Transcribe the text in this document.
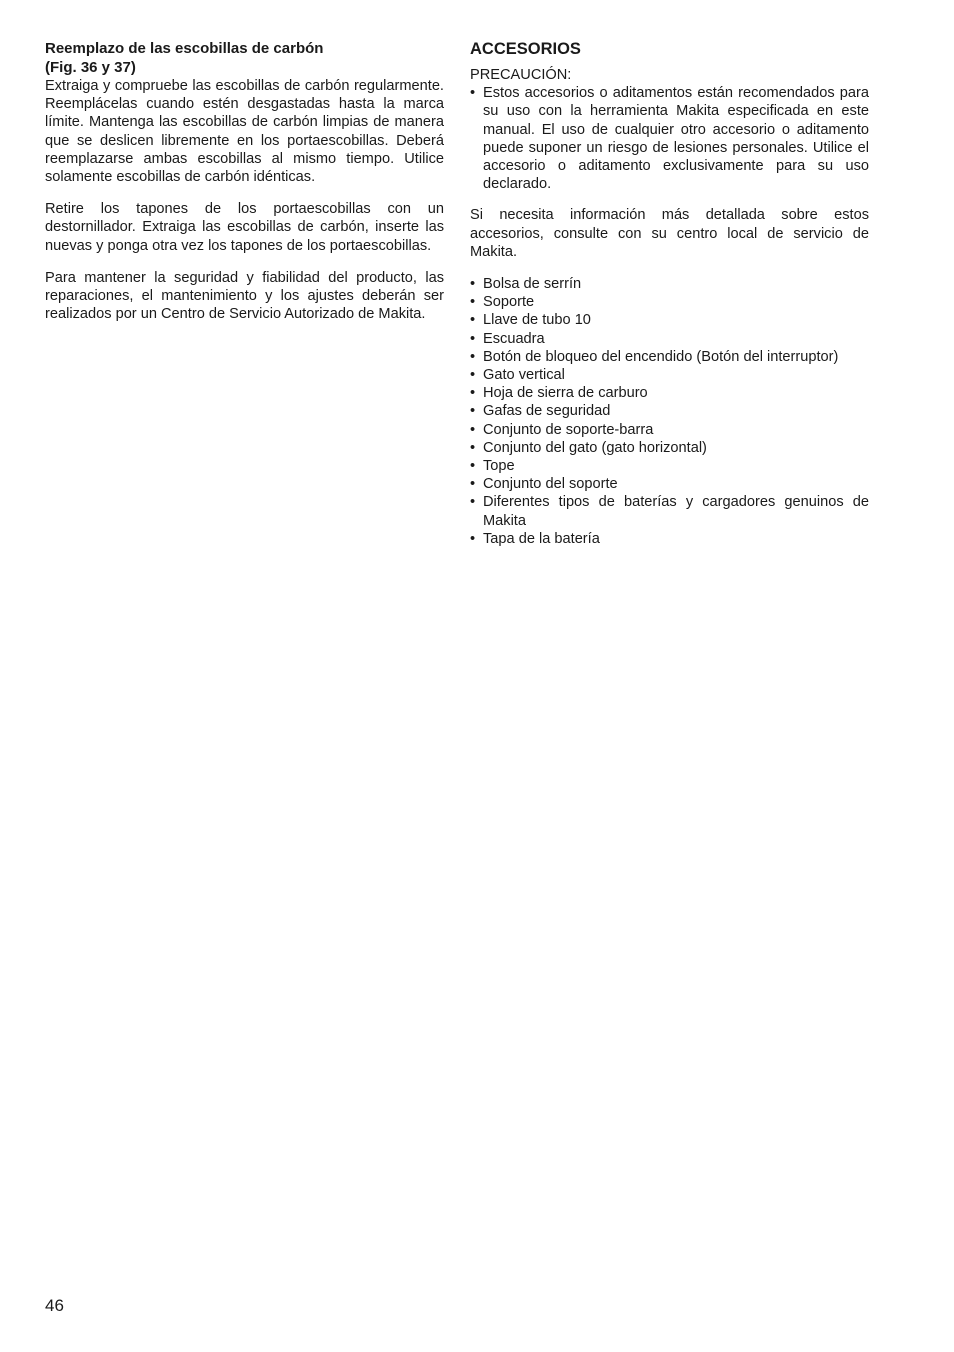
Reemplazo de las escobillas de carbón

(Fig. 36 y 37)

Extraiga y compruebe las escobillas de carbón regularmente. Reemplácelas cuando estén desgastadas hasta la marca límite. Mantenga las escobillas de carbón limpias de manera que se deslicen libremente en los portaescobillas. Deberá reemplazarse ambas escobillas al mismo tiempo. Utilice solamente escobillas de carbón idénticas.

Retire los tapones de los portaescobillas con un destornillador. Extraiga las escobillas de carbón, inserte las nuevas y ponga otra vez los tapones de los portaescobillas.

Para mantener la seguridad y fiabilidad del producto, las reparaciones, el mantenimiento y los ajustes deberán ser realizados por un Centro de Servicio Autorizado de Makita.

ACCESORIOS

PRECAUCIÓN:

• Estos accesorios o aditamentos están recomendados para su uso con la herramienta Makita especificada en este manual. El uso de cualquier otro accesorio o aditamento puede suponer un riesgo de lesiones personales. Utilice el accesorio o aditamento exclusivamente para su uso declarado.

Si necesita información más detallada sobre estos accesorios, consulte con su centro local de servicio de Makita.

• Bolsa de serrín
• Soporte
• Llave de tubo 10
• Escuadra
• Botón de bloqueo del encendido (Botón del interruptor)
• Gato vertical
• Hoja de sierra de carburo
• Gafas de seguridad
• Conjunto de soporte-barra
• Conjunto del gato (gato horizontal)
• Tope
• Conjunto del soporte
• Diferentes tipos de baterías y cargadores genuinos de Makita
• Tapa de la batería
46
